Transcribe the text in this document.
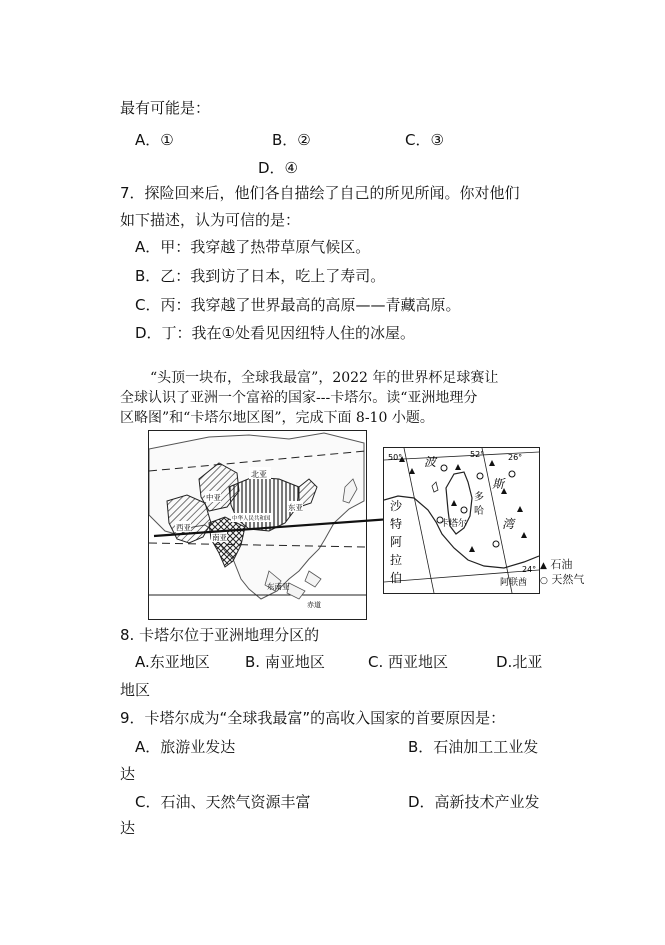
最有可能是：
A．①	B．②	C．③
D．④
7．探险回来后，他们各自描绘了自己的所见所闻。你对他们
如下描述，认为可信的是：
A．甲：我穿越了热带草原气候区。
B．乙：我到访了日本，吃上了寿司。
C．丙：我穿越了世界最高的高原——青藏高原。
D．丁：我在①处看见因纽特人住的冰屋。
“头顶一块布，全球我最富”，2022 年的世界杯足球赛让
全球认识了亚洲一个富裕的国家---卡塔尔。读“亚洲地理分
区略图”和“卡塔尔地区图”，完成下面 8-10 小题。
北亚
中亚
东亚
中华人民共和国
西亚
南亚
东南亚
赤道
50°	52°	26°
24°
波
斯
湾
沙
特
阿
拉
伯
多
哈
卡塔尔
阿联酋
▲ 石油
○ 天然气
8. 卡塔尔位于亚洲地理分区的
A.东亚地区 B. 南亚地区	C. 西亚地区	D.北亚
地区
9．卡塔尔成为“全球我最富”的高收入国家的首要原因是：
A．旅游业发达	B．石油加工工业发
达
C．石油、天然气资源丰富	D．高新技术产业发
达
